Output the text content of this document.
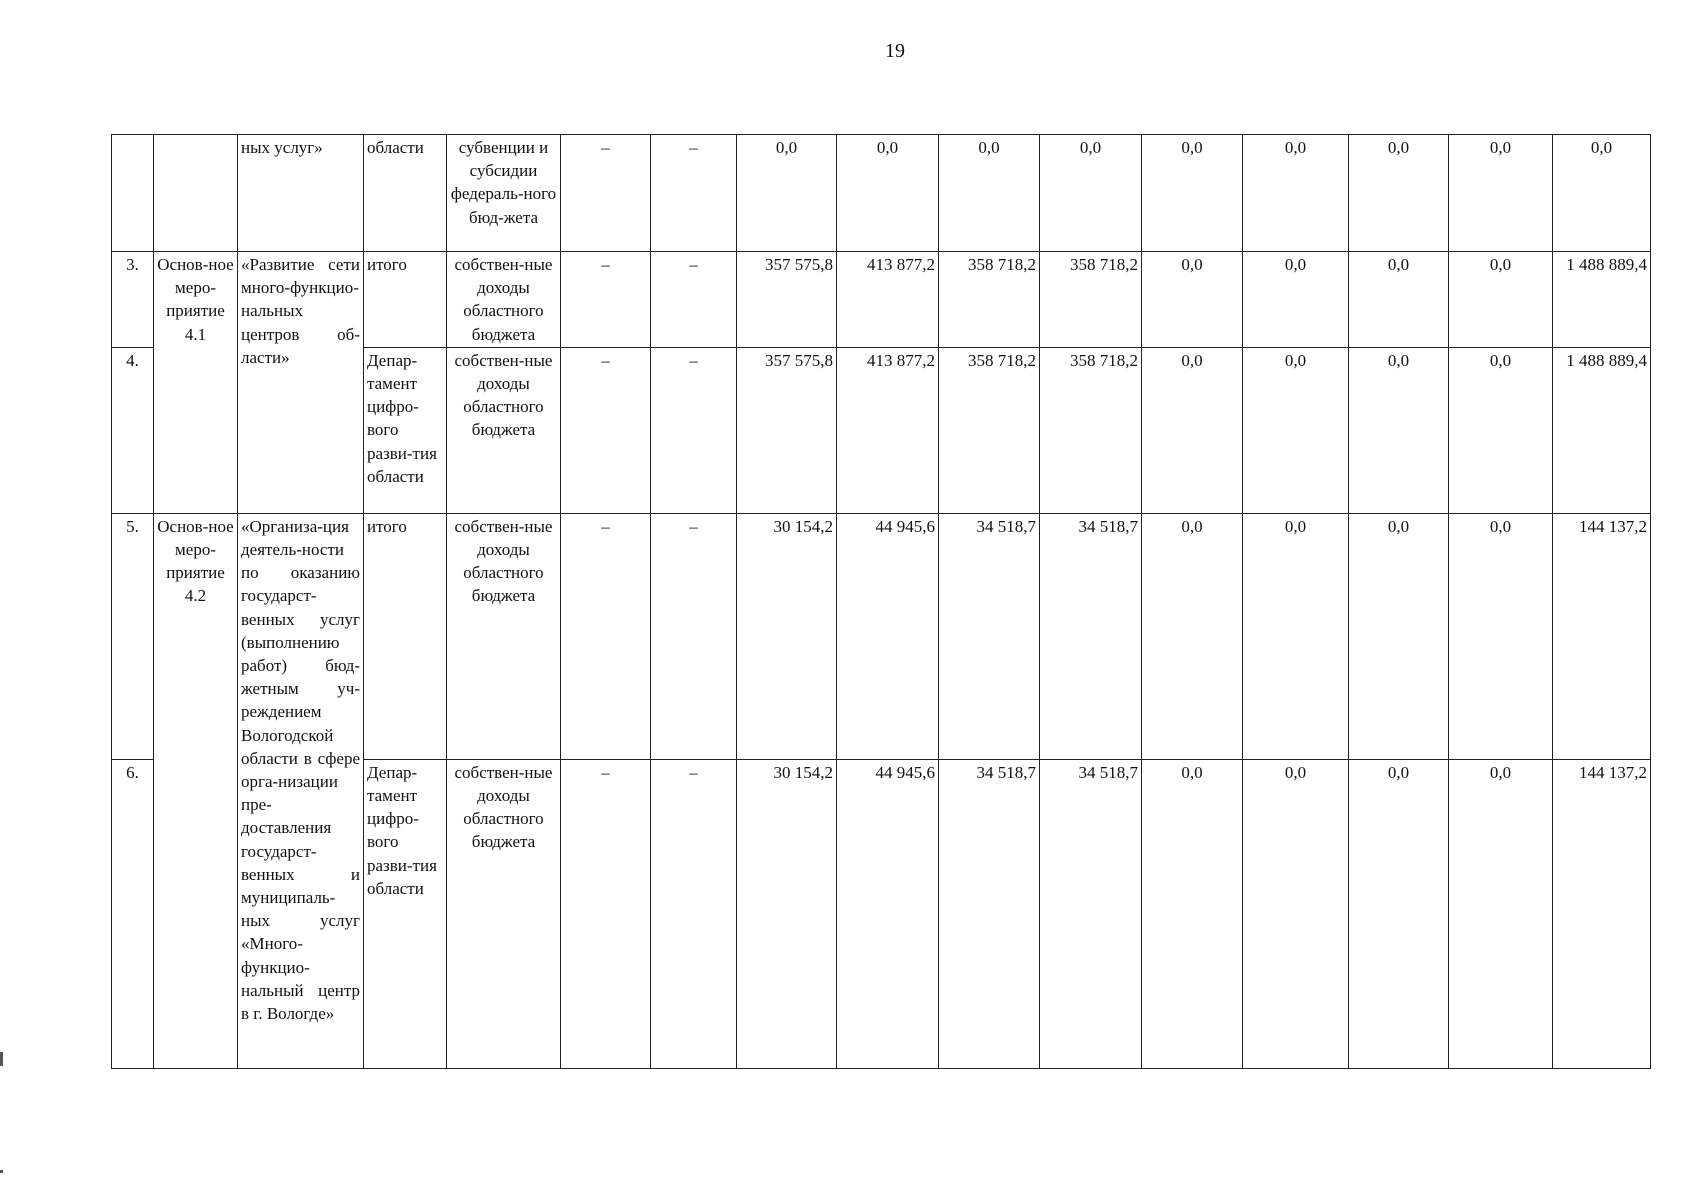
19
		ных услуг»	области	субвенции и субсидии федераль-ного бюд-жета	–	–	0,0	0,0	0,0	0,0	0,0	0,0	0,0	0,0	0,0
3.	Основ-ное меро-приятие 4.1	«Развитие сети много-функцио-нальных центров об-ласти»	итого	собствен-ные доходы областного бюджета	–	–	357 575,8	413 877,2	358 718,2	358 718,2	0,0	0,0	0,0	0,0	1 488 889,4
4.			Депар-тамент цифро-вого разви-тия области	собствен-ные доходы областного бюджета	–	–	357 575,8	413 877,2	358 718,2	358 718,2	0,0	0,0	0,0	0,0	1 488 889,4
5.	Основ-ное меро-приятие 4.2	«Организа-ция деятель-ности по оказанию государст-венных услуг (выполнению работ) бюд-жетным уч-реждением Вологодской области в сфере орга-низации пре-доставления государст-венных и муниципаль-ных услуг «Много-функцио-нальный центр в г. Вологде»	итого	собствен-ные доходы областного бюджета	–	–	30 154,2	44 945,6	34 518,7	34 518,7	0,0	0,0	0,0	0,0	144 137,2
6.			Депар-тамент цифро-вого разви-тия области	собствен-ные доходы областного бюджета	–	–	30 154,2	44 945,6	34 518,7	34 518,7	0,0	0,0	0,0	0,0	144 137,2
